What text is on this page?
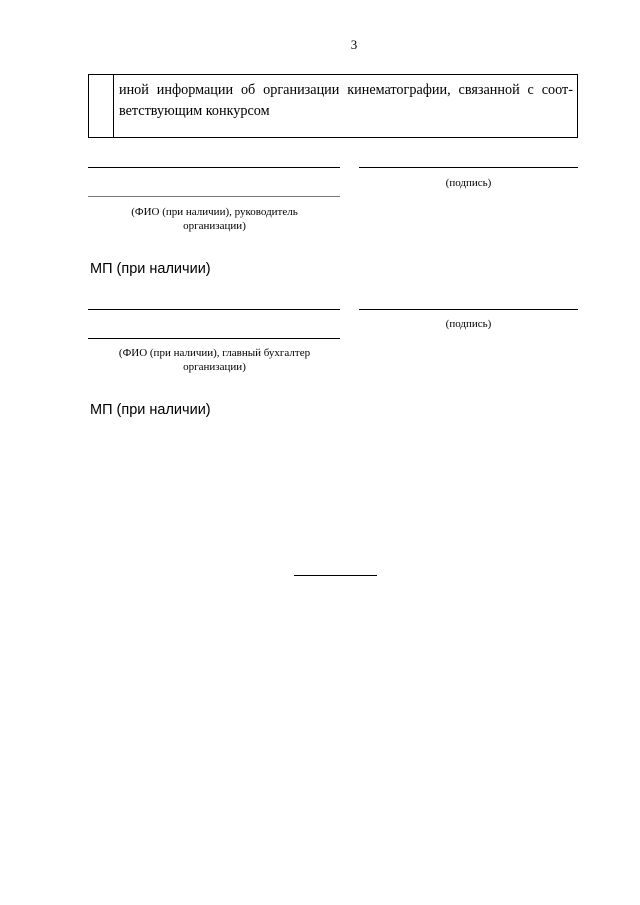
3
иной информации об организации кинематографии, связанной с соответствующим конкурсом
(подпись)
(ФИО (при наличии), руководитель организации)
МП (при наличии)
(подпись)
(ФИО (при наличии), главный бухгалтер организации)
МП (при наличии)
